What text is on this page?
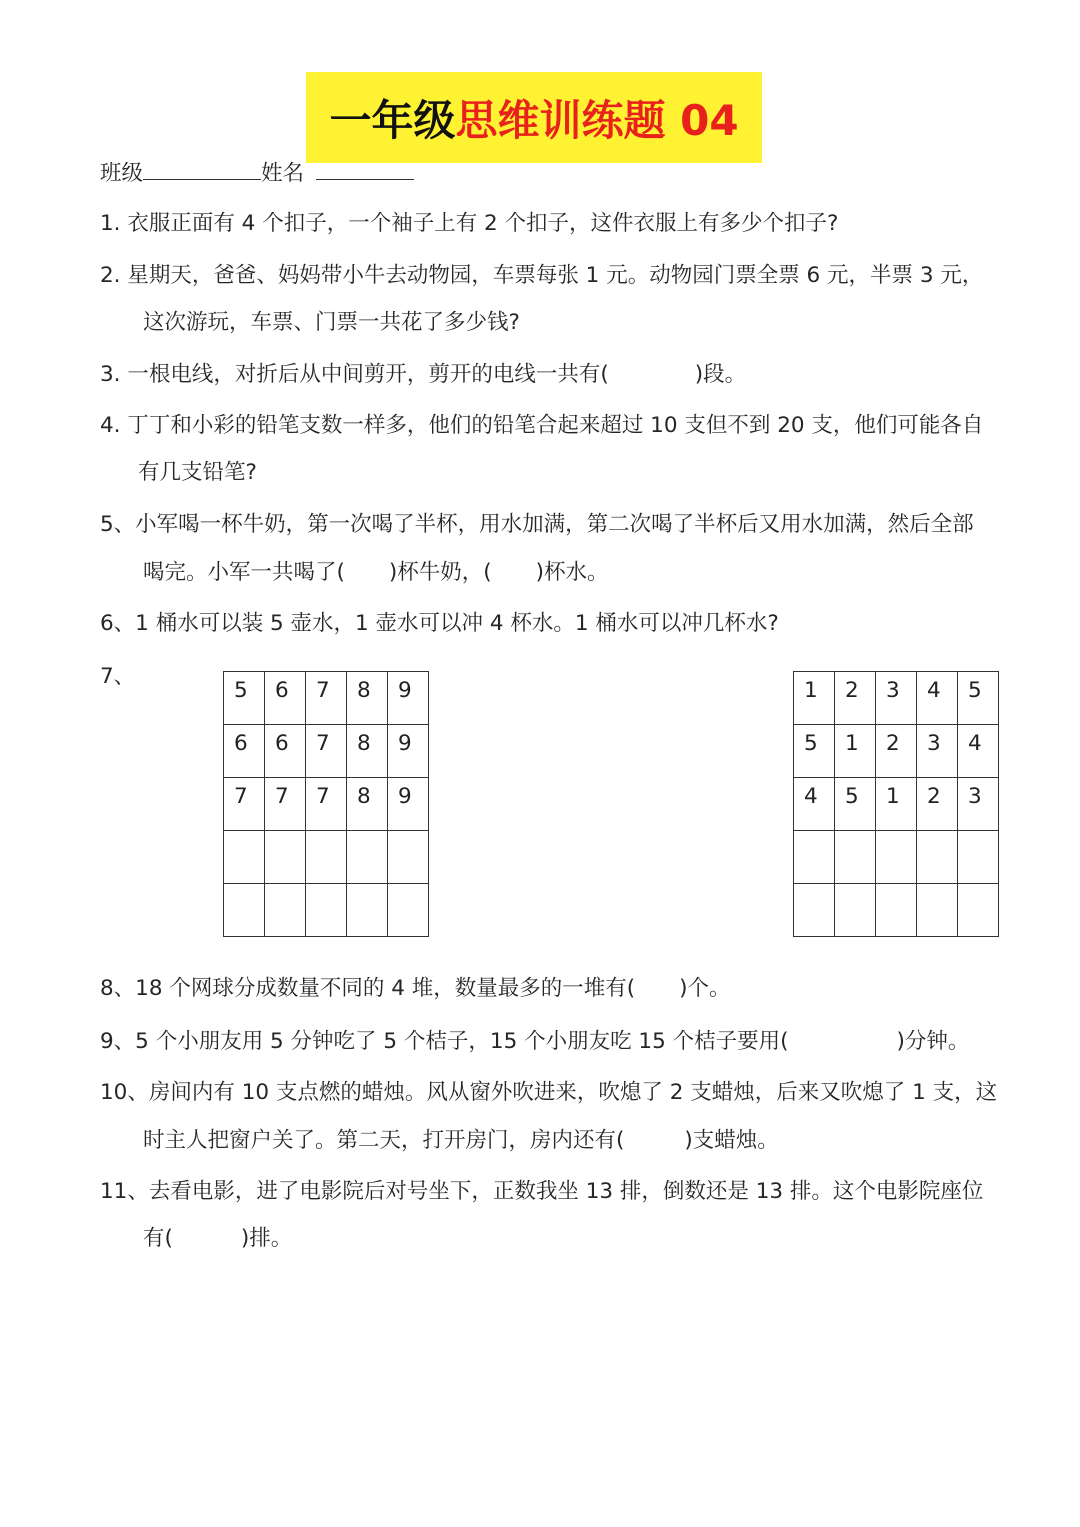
一年级 思维训练题 04
班级	姓名
1. 衣服正面有 4 个扣子，一个袖子上有 2 个扣子，这件衣服上有多少个扣子?
2. 星期天，爸爸、妈妈带小牛去动物园，车票每张 1 元。动物园门票全票 6 元，半票 3 元，
这次游玩，车票、门票一共花了多少钱?
3. 一根电线，对折后从中间剪开，剪开的电线一共有(	)段。
4. 丁丁和小彩的铅笔支数一样多，他们的铅笔合起来超过 10 支但不到 20 支，他们可能各自
有几支铅笔?
5、小军喝一杯牛奶，第一次喝了半杯，用水加满，第二次喝了半杯后又用水加满，然后全部
喝完。小军一共喝了( )杯牛奶，( )杯水。
6、1 桶水可以装 5 壶水，1 壶水可以冲 4 杯水。1 桶水可以冲几杯水?
7、
5	6	7	8	9

6	6	7	8	9

7	7	7	8	9

1	2	3	4	5

5	1	2	3	4

4	5	1	2	3

8、18 个网球分成数量不同的 4 堆，数量最多的一堆有( )个。
9、5 个小朋友用 5 分钟吃了 5 个桔子，15 个小朋友吃 15 个桔子要用(	)分钟。
10、房间内有 10 支点燃的蜡烛。风从窗外吹进来，吹熄了 2 支蜡烛，后来又吹熄了 1 支，这
时主人把窗户关了。第二天，打开房门，房内还有(	)支蜡烛。
11、去看电影，进了电影院后对号坐下，正数我坐 13 排，倒数还是 13 排。这个电影院座位
有(	)排。
